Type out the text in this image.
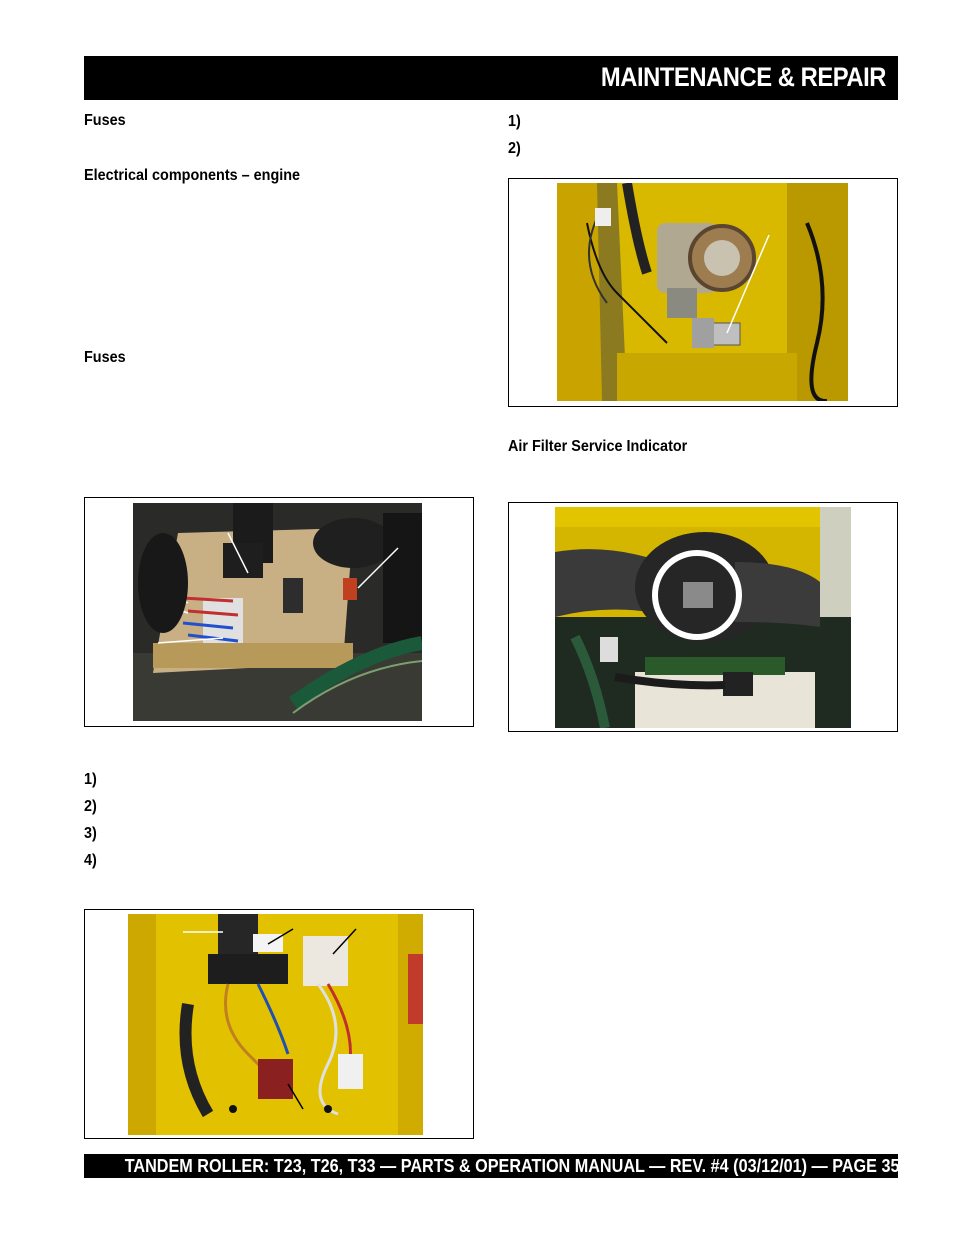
MAINTENANCE & REPAIR
Fuses
Electrical components – engine
Fuses
1)
2)
Air Filter Service Indicator
1)
2)
3)
4)
TANDEM ROLLER: T23, T26, T33 — PARTS & OPERATION MANUAL — REV. #4 (03/12/01) — PAGE 35
